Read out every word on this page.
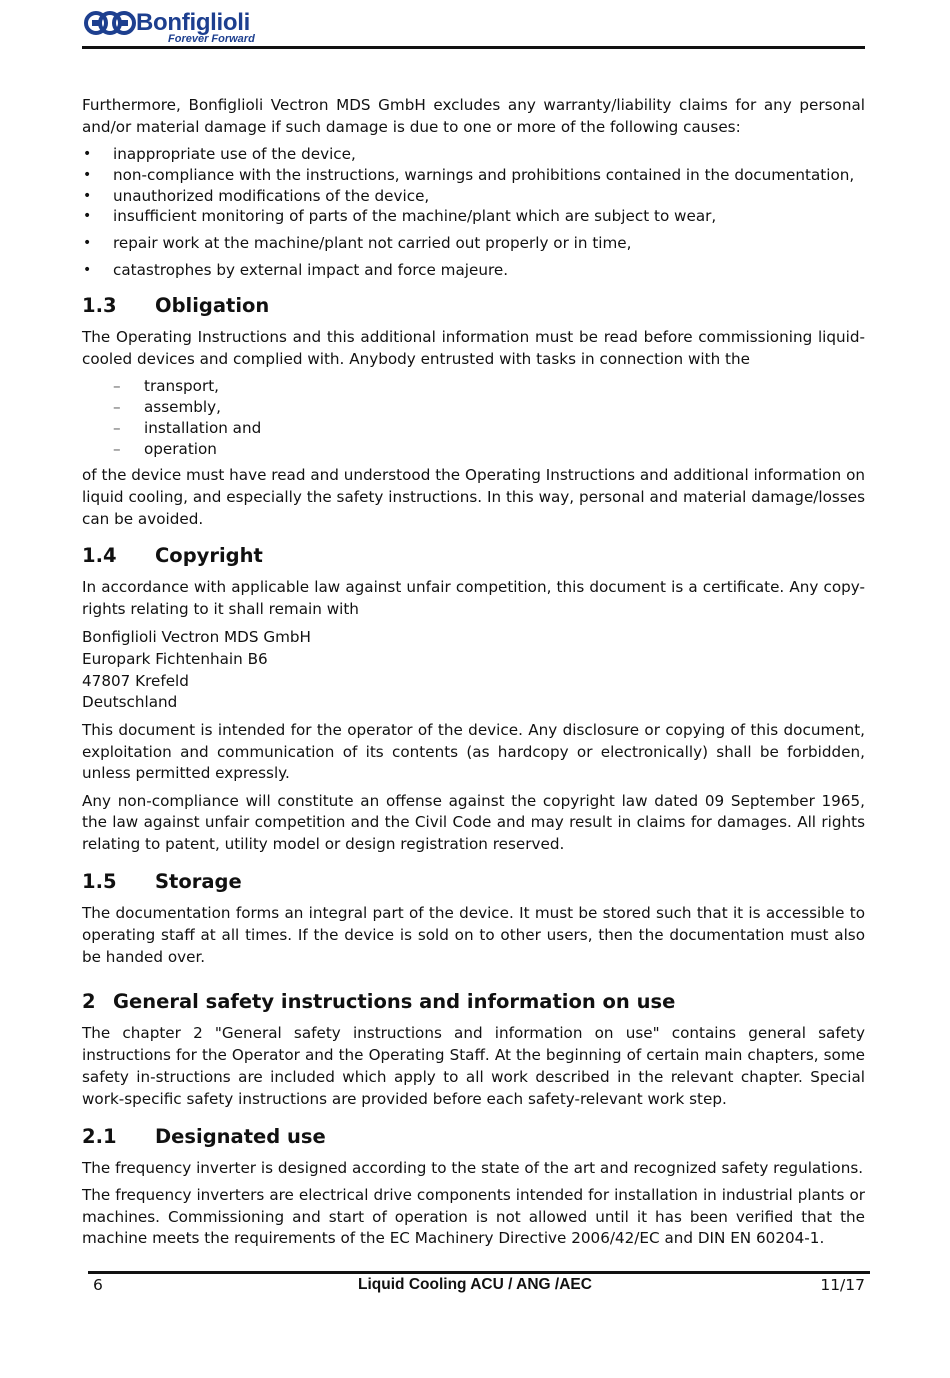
Bonfiglioli
Forever Forward

Furthermore, Bonfiglioli Vectron MDS GmbH excludes any warranty/liability claims for any personal and/or material damage if such damage is due to one or more of the following causes:

• inappropriate use of the device,
• non-compliance with the instructions, warnings and prohibitions contained in the documentation,
• unauthorized modifications of the device,
• insufficient monitoring of parts of the machine/plant which are subject to wear,
• repair work at the machine/plant not carried out properly or in time,
• catastrophes by external impact and force majeure.
1.3 Obligation

The Operating Instructions and this additional information must be read before commissioning liquid-cooled devices and complied with. Anybody entrusted with tasks in connection with the

– transport,
– assembly,
– installation and
– operation

of the device must have read and understood the Operating Instructions and additional information on liquid cooling, and especially the safety instructions. In this way, personal and material damage/losses can be avoided.

1.4 Copyright

In accordance with applicable law against unfair competition, this document is a certificate. Any copy-rights relating to it shall remain with

Bonfiglioli Vectron MDS GmbH
Europark Fichtenhain B6
47807 Krefeld
Deutschland

This document is intended for the operator of the device. Any disclosure or copying of this document, exploitation and communication of its contents (as hardcopy or electronically) shall be forbidden, unless permitted expressly.

Any non-compliance will constitute an offense against the copyright law dated 09 September 1965, the law against unfair competition and the Civil Code and may result in claims for damages. All rights relating to patent, utility model or design registration reserved.

1.5 Storage

The documentation forms an integral part of the device. It must be stored such that it is accessible to operating staff at all times. If the device is sold on to other users, then the documentation must also be handed over.

2 General safety instructions and information on use

The chapter 2 "General safety instructions and information on use" contains general safety instructions for the Operator and the Operating Staff. At the beginning of certain main chapters, some safety in-structions are included which apply to all work described in the relevant chapter. Special work-specific safety instructions are provided before each safety-relevant work step.

2.1 Designated use

The frequency inverter is designed according to the state of the art and recognized safety regulations.

The frequency inverters are electrical drive components intended for installation in industrial plants or machines. Commissioning and start of operation is not allowed until it has been verified that the machine meets the requirements of the EC Machinery Directive 2006/42/EC and DIN EN 60204-1.

6	Liquid Cooling ACU / ANG /AEC	11/17
